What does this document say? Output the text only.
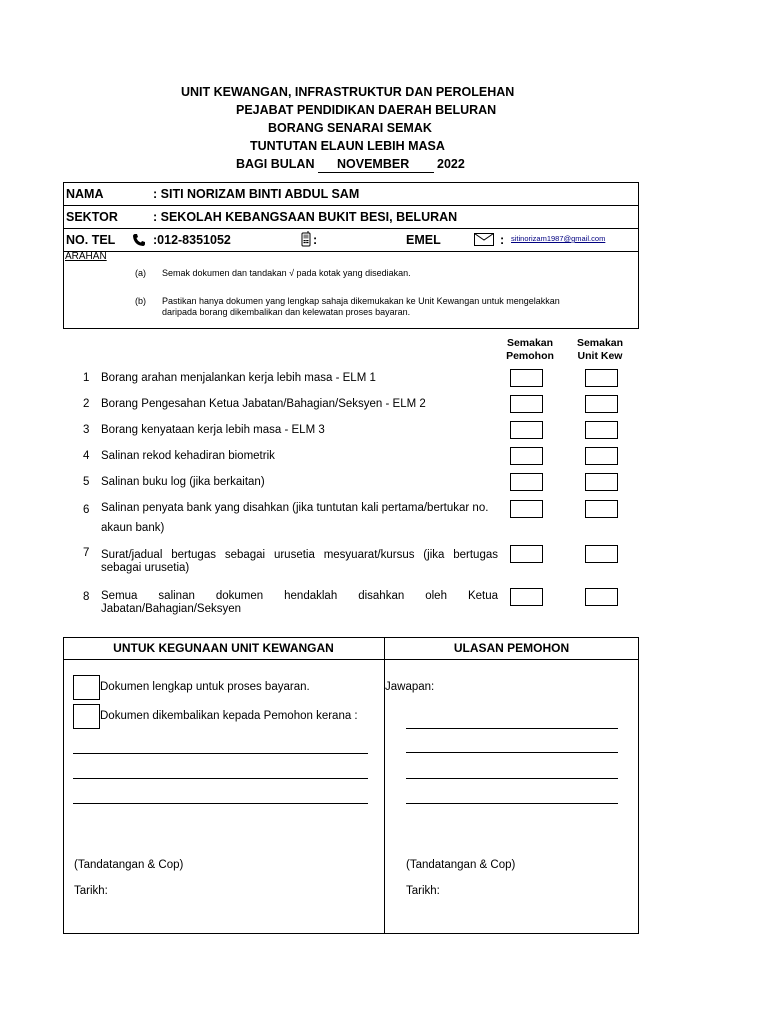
UNIT KEWANGAN, INFRASTRUKTUR DAN PEROLEHAN
PEJABAT PENDIDIKAN DAERAH BELURAN
BORANG SENARAI SEMAK
TUNTUTAN ELAUN LEBIH MASA
BAGI BULAN NOVEMBER 2022
NAMA	: SITI NORIZAM BINTI ABDUL SAM
SEKTOR	: SEKOLAH KEBANGSAAN BUKIT BESI, BELURAN
NO. TEL	:012-8351052	:	EMEL	: sitinorizam1987@gmail.com
ARAHAN
(a) Semak dokumen dan tandakan √ pada kotak yang disediakan.
(b) Pastikan hanya dokumen yang lengkap sahaja dikemukakan ke Unit Kewangan untuk mengelakkan
daripada borang dikembalikan dan kelewatan proses bayaran.
Semakan
Pemohon
Semakan
Unit Kew
1 Borang arahan menjalankan kerja lebih masa - ELM 1
2 Borang Pengesahan Ketua Jabatan/Bahagian/Seksyen - ELM 2
3 Borang kenyataan kerja lebih masa - ELM 3
4 Salinan rekod kehadiran biometrik
5 Salinan buku log (jika berkaitan)
6 Salinan penyata bank yang disahkan (jika tuntutan kali pertama/bertukar no.
akaun bank)
7 Surat/jadual bertugas sebagai urusetia mesyuarat/kursus (jika bertugas
sebagai urusetia)
8 Semua salinan dokumen hendaklah disahkan oleh Ketua
Jabatan/Bahagian/Seksyen
UNTUK KEGUNAAN UNIT KEWANGAN	ULASAN PEMOHON
Dokumen lengkap untuk proses bayaran.
Dokumen dikembalikan kepada Pemohon kerana :
(Tandatangan & Cop)
Tarikh:
Jawapan:
(Tandatangan & Cop)
Tarikh:
